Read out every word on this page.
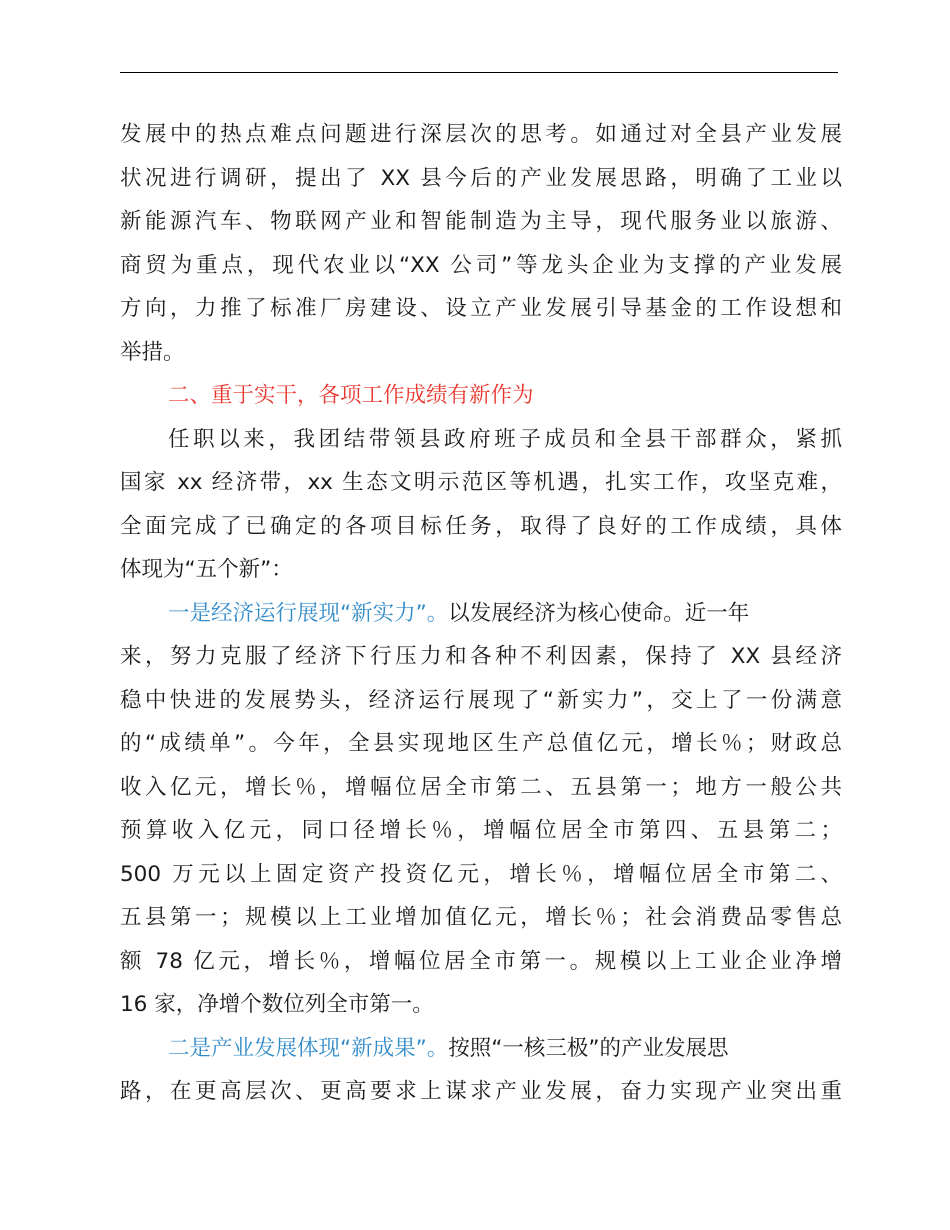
发展中的热点难点问题进行深层次的思考。如通过对全县产业发展
状况进行调研，提出了 XX 县今后的产业发展思路，明确了工业以
新能源汽车、物联网产业和智能制造为主导，现代服务业以旅游、
商贸为重点，现代农业以“XX 公司”等龙头企业为支撑的产业发展
方向，力推了标准厂房建设、设立产业发展引导基金的工作设想和
举措。
二、重于实干，各项工作成绩有新作为
任职以来，我团结带领县政府班子成员和全县干部群众，紧抓
国家 xx 经济带，xx 生态文明示范区等机遇，扎实工作，攻坚克难，
全面完成了已确定的各项目标任务，取得了良好的工作成绩，具体
体现为“五个新”：
一是经济运行展现“新实力”。以发展经济为核心使命。近一年
来，努力克服了经济下行压力和各种不利因素，保持了 XX 县经济
稳中快进的发展势头，经济运行展现了“新实力”，交上了一份满意
的“成绩单”。今年，全县实现地区生产总值亿元，增长％；财政总
收入亿元，增长％，增幅位居全市第二、五县第一；地方一般公共
预算收入亿元，同口径增长％，增幅位居全市第四、五县第二；
500 万元以上固定资产投资亿元，增长％，增幅位居全市第二、
五县第一；规模以上工业增加值亿元，增长％；社会消费品零售总
额 78 亿元，增长％，增幅位居全市第一。规模以上工业企业净增
16 家，净增个数位列全市第一。
二是产业发展体现“新成果”。按照“一核三极”的产业发展思
路，在更高层次、更高要求上谋求产业发展，奋力实现产业突出重
